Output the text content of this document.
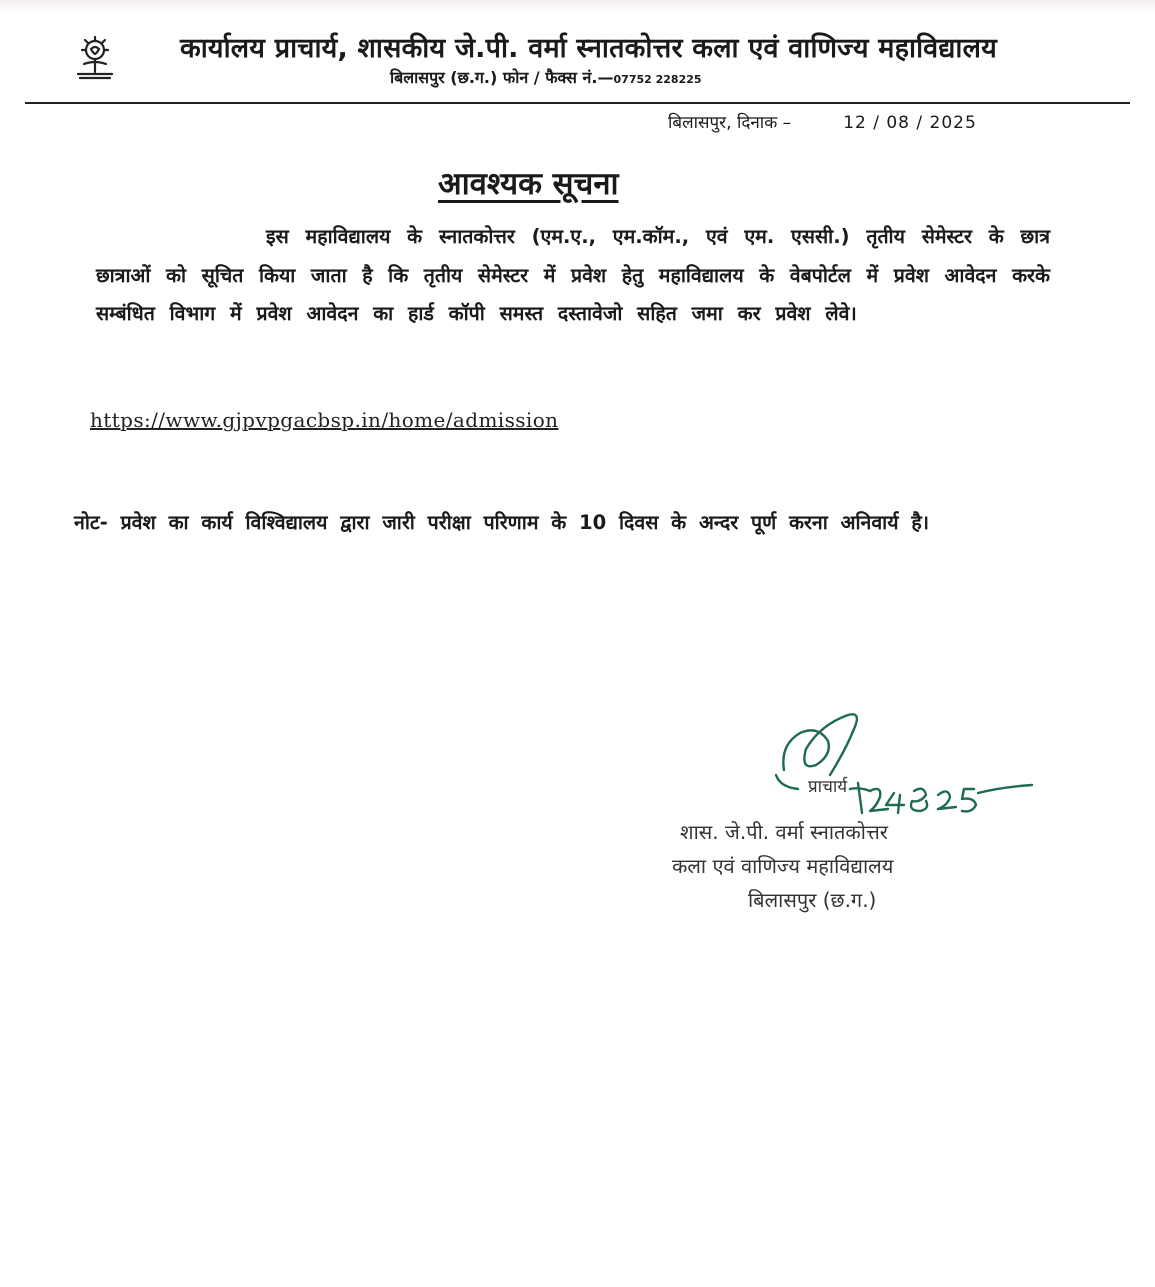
कार्यालय प्राचार्य, शासकीय जे.पी. वर्मा स्नातकोत्तर कला एवं वाणिज्य महाविद्यालय
बिलासपुर (छ.ग.) फोन / फैक्स नं.—07752 228225
बिलासपुर, दिनाक –	12 / 08 / 2025
आवश्यक सूचना
इस महाविद्यालय के स्नातकोत्तर (एम.ए., एम.कॉम., एवं एम. एससी.) तृतीय सेमेस्टर के छात्र छात्राओं को सूचित किया जाता है कि तृतीय सेमेस्टर में प्रवेश हेतु महाविद्यालय के वेबपोर्टल में प्रवेश आवेदन करके सम्बंधित विभाग में प्रवेश आवेदन का हार्ड कॉपी समस्त दस्तावेजो सहित जमा कर प्रवेश लेवे।
https://www.gjpvpgacbsp.in/home/admission
नोट- प्रवेश का कार्य विश्विद्यालय द्वारा जारी परीक्षा परिणाम के 10 दिवस के अन्दर पूर्ण करना अनिवार्य है।
प्राचार्य
शास. जे.पी. वर्मा स्नातकोत्तर
कला एवं वाणिज्य महाविद्यालय
बिलासपुर (छ.ग.)
